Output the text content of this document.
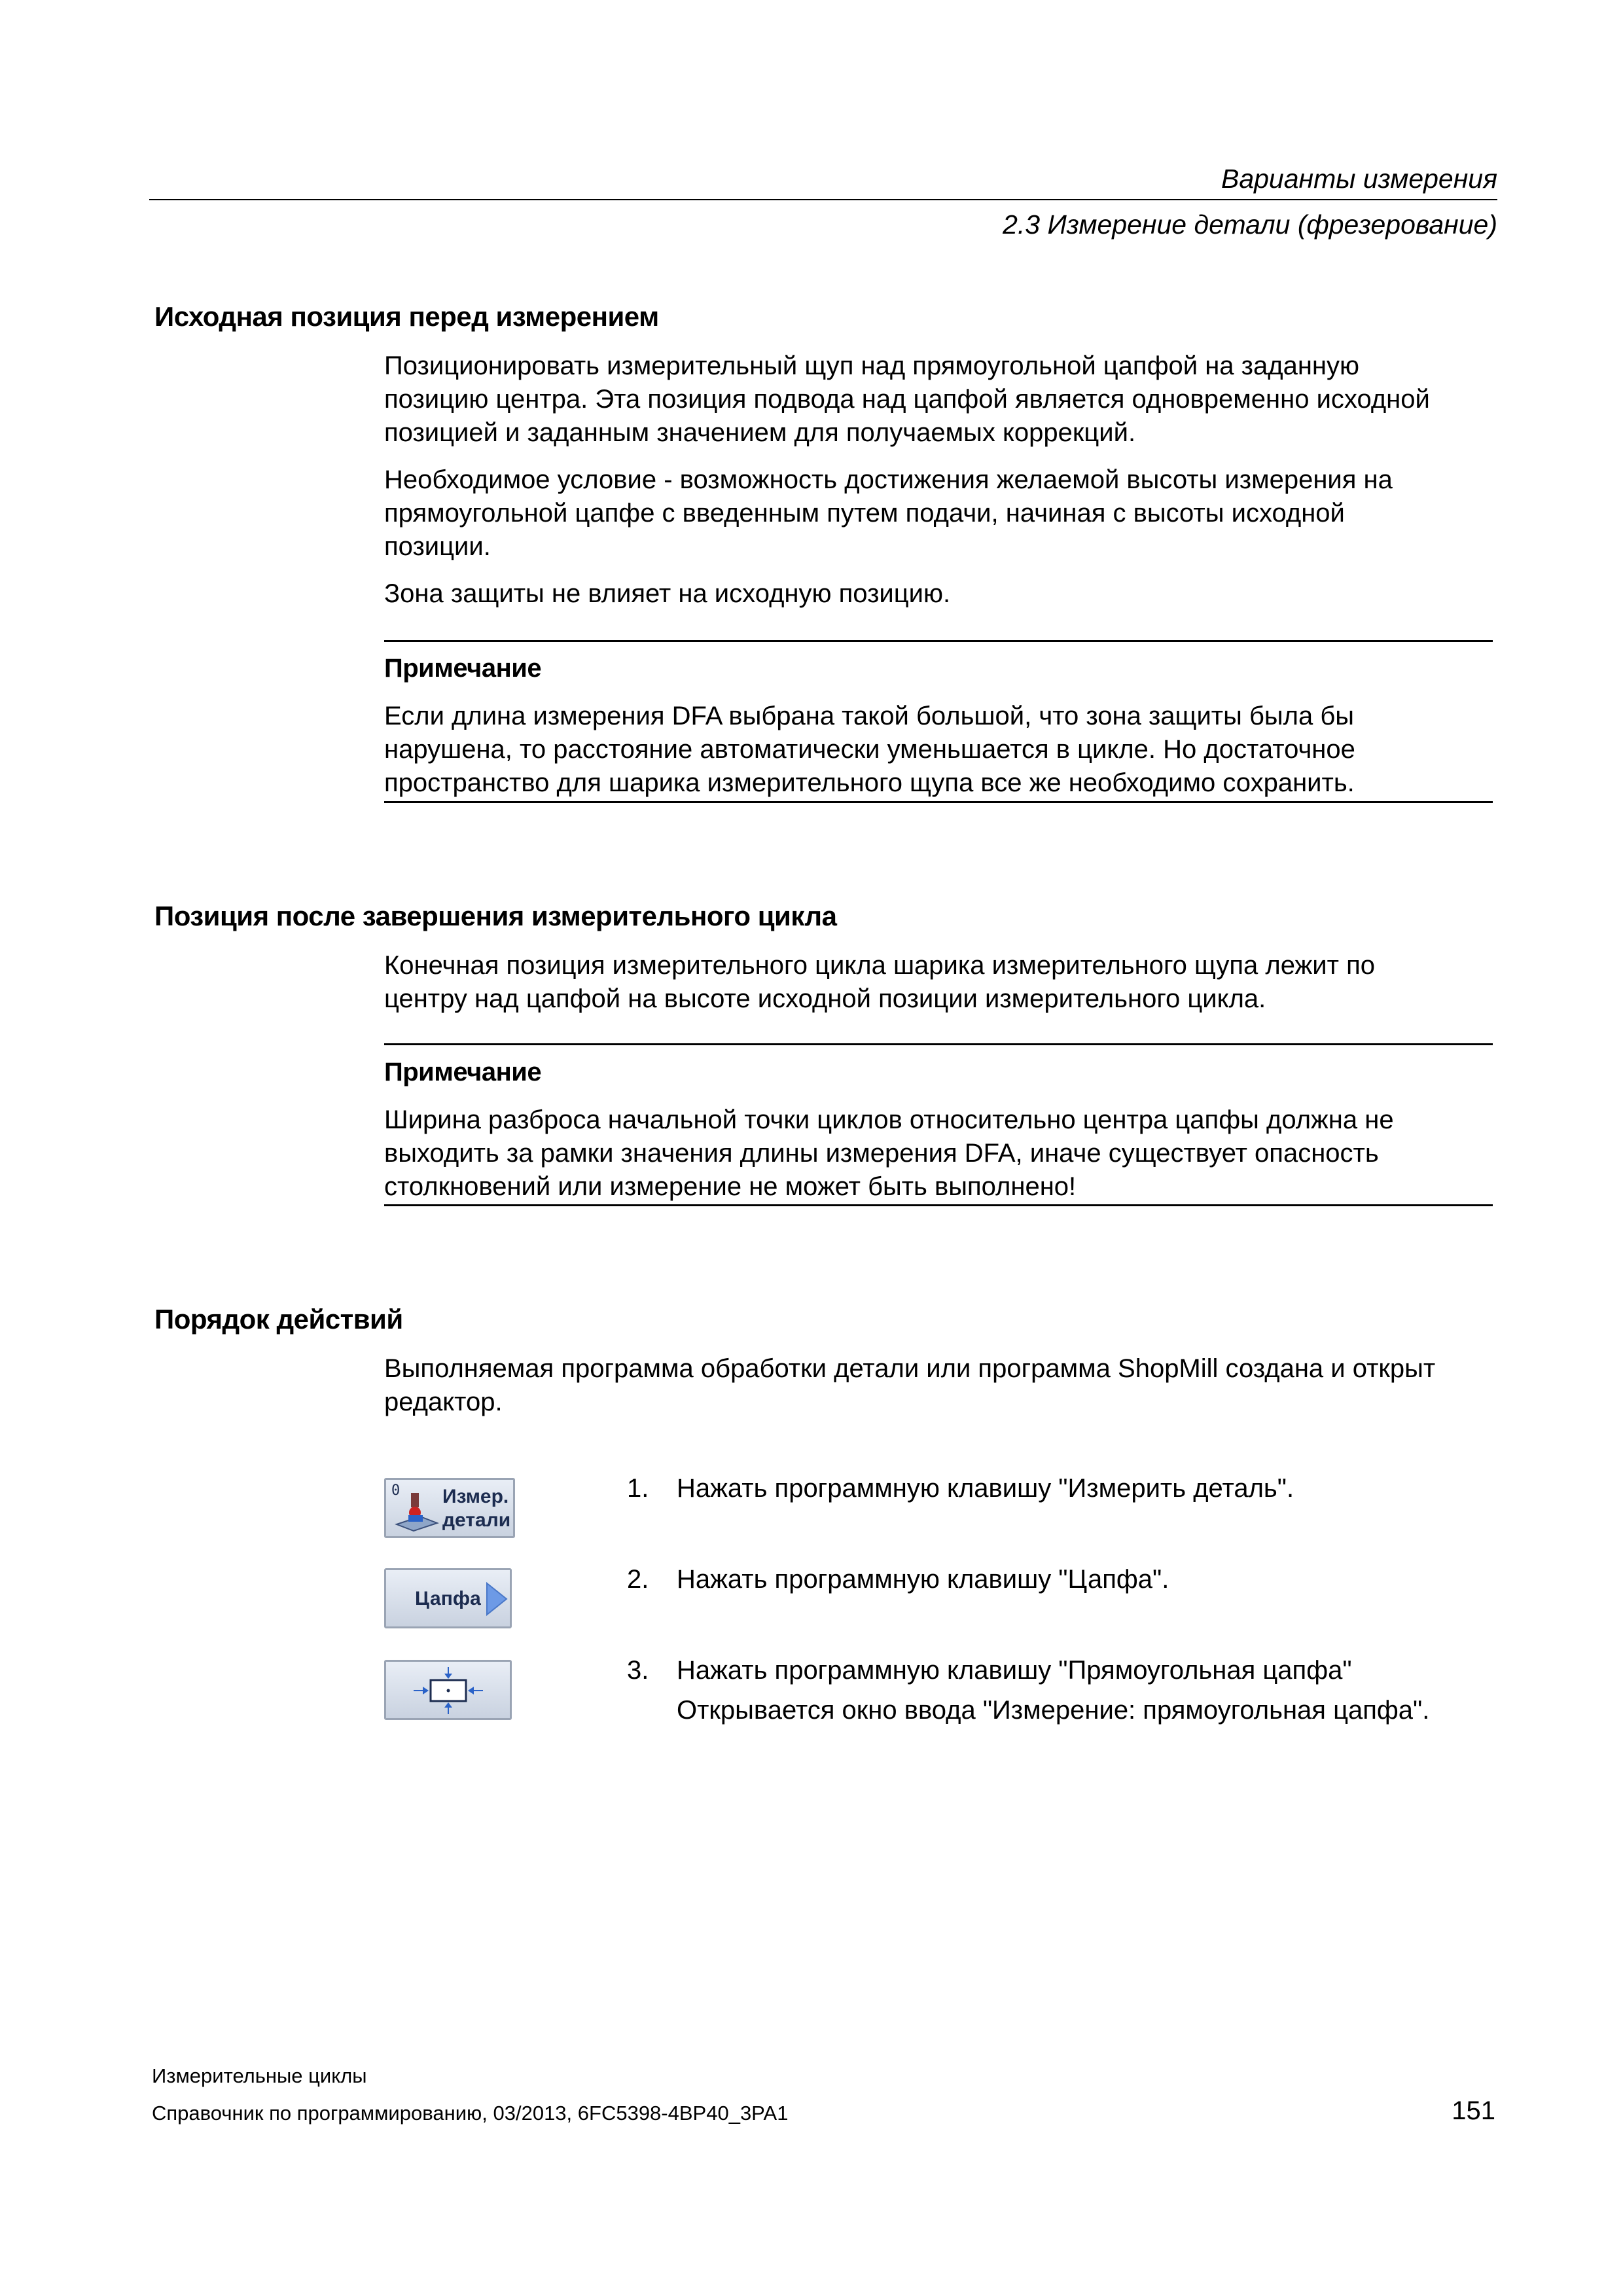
Варианты измерения
2.3 Измерение детали (фрезерование)
Исходная позиция перед измерением
Позиционировать измерительный щуп над прямоугольной цапфой на заданную
позицию центра. Эта позиция подвода над цапфой является одновременно исходной
позицией и заданным значением для получаемых коррекций.
Необходимое условие - возможность достижения желаемой высоты измерения на
прямоугольной цапфе с введенным путем подачи, начиная с высоты исходной
позиции.
Зона защиты не влияет на исходную позицию.
Примечание
Если длина измерения DFA выбрана такой большой, что зона защиты была бы
нарушена, то расстояние автоматически уменьшается в цикле. Но достаточное
пространство для шарика измерительного щупа все же необходимо сохранить.
Позиция после завершения измерительного цикла
Конечная позиция измерительного цикла шарика измерительного щупа лежит по
центру над цапфой на высоте исходной позиции измерительного цикла.
Примечание
Ширина разброса начальной точки циклов относительно центра цапфы должна не
выходить за рамки значения длины измерения DFA, иначе существует опасность
столкновений или измерение не может быть выполнено!
Порядок действий
Выполняемая программа обработки детали или программа ShopMill создана и открыт
редактор.
0 Измер.
детали
1. Нажать программную клавишу "Измерить деталь".
Цапфа
2. Нажать программную клавишу "Цапфа".
3. Нажать программную клавишу "Прямоугольная цапфа"
Открывается окно ввода "Измерение: прямоугольная цапфа".
Измерительные циклы
Справочник по программированию, 03/2013, 6FC5398-4BP40_3PA1	151
